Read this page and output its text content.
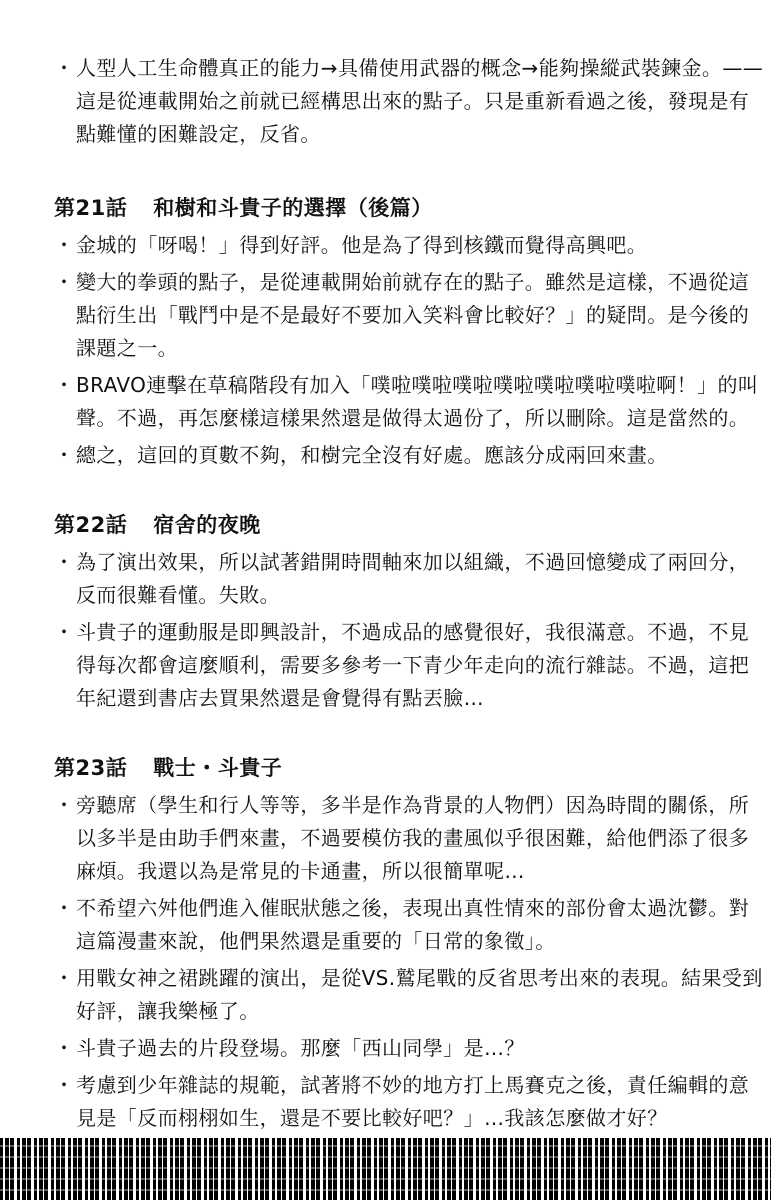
・ 人型人工生命體真正的能力→具備使用武器的概念→能夠操縱武裝鍊金。——這是從連載開始之前就已經構思出來的點子。只是重新看過之後，發現是有點難懂的困難設定，反省。
第21話 和樹和斗貴子的選擇（後篇）
・ 金城的「呀喝！」得到好評。他是為了得到核鐵而覺得高興吧。
・ 變大的拳頭的點子，是從連載開始前就存在的點子。雖然是這樣，不過從這點衍生出「戰鬥中是不是最好不要加入笑料會比較好？」的疑問。是今後的課題之一。
・ BRAVO連擊在草稿階段有加入「噗啦噗啦噗啦噗啦噗啦噗啦噗啦啊！」的叫聲。不過，再怎麼樣這樣果然還是做得太過份了，所以刪除。這是當然的。
・ 總之，這回的頁數不夠，和樹完全沒有好處。應該分成兩回來畫。
第22話 宿舍的夜晚
・ 為了演出效果，所以試著錯開時間軸來加以組織，不過回憶變成了兩回分，反而很難看懂。失敗。
・ 斗貴子的運動服是即興設計，不過成品的感覺很好，我很滿意。不過，不見得每次都會這麼順利，需要多參考一下青少年走向的流行雜誌。不過，這把年紀還到書店去買果然還是會覺得有點丟臉…
第23話 戰士・斗貴子
・ 旁聽席（學生和行人等等，多半是作為背景的人物們）因為時間的關係，所以多半是由助手們來畫，不過要模仿我的畫風似乎很困難，給他們添了很多麻煩。我還以為是常見的卡通畫，所以很簡單呢…
・ 不希望六舛他們進入催眠狀態之後，表現出真性情來的部份會太過沈鬱。對這篇漫畫來說，他們果然還是重要的「日常的象徵」。
・ 用戰女神之裙跳躍的演出，是從VS.鷲尾戰的反省思考出來的表現。結果受到好評，讓我樂極了。
・ 斗貴子過去的片段登場。那麼「西山同學」是…？
・ 考慮到少年雜誌的規範，試著將不妙的地方打上馬賽克之後，責任編輯的意見是「反而栩栩如生，還是不要比較好吧？」…我該怎麼做才好？
